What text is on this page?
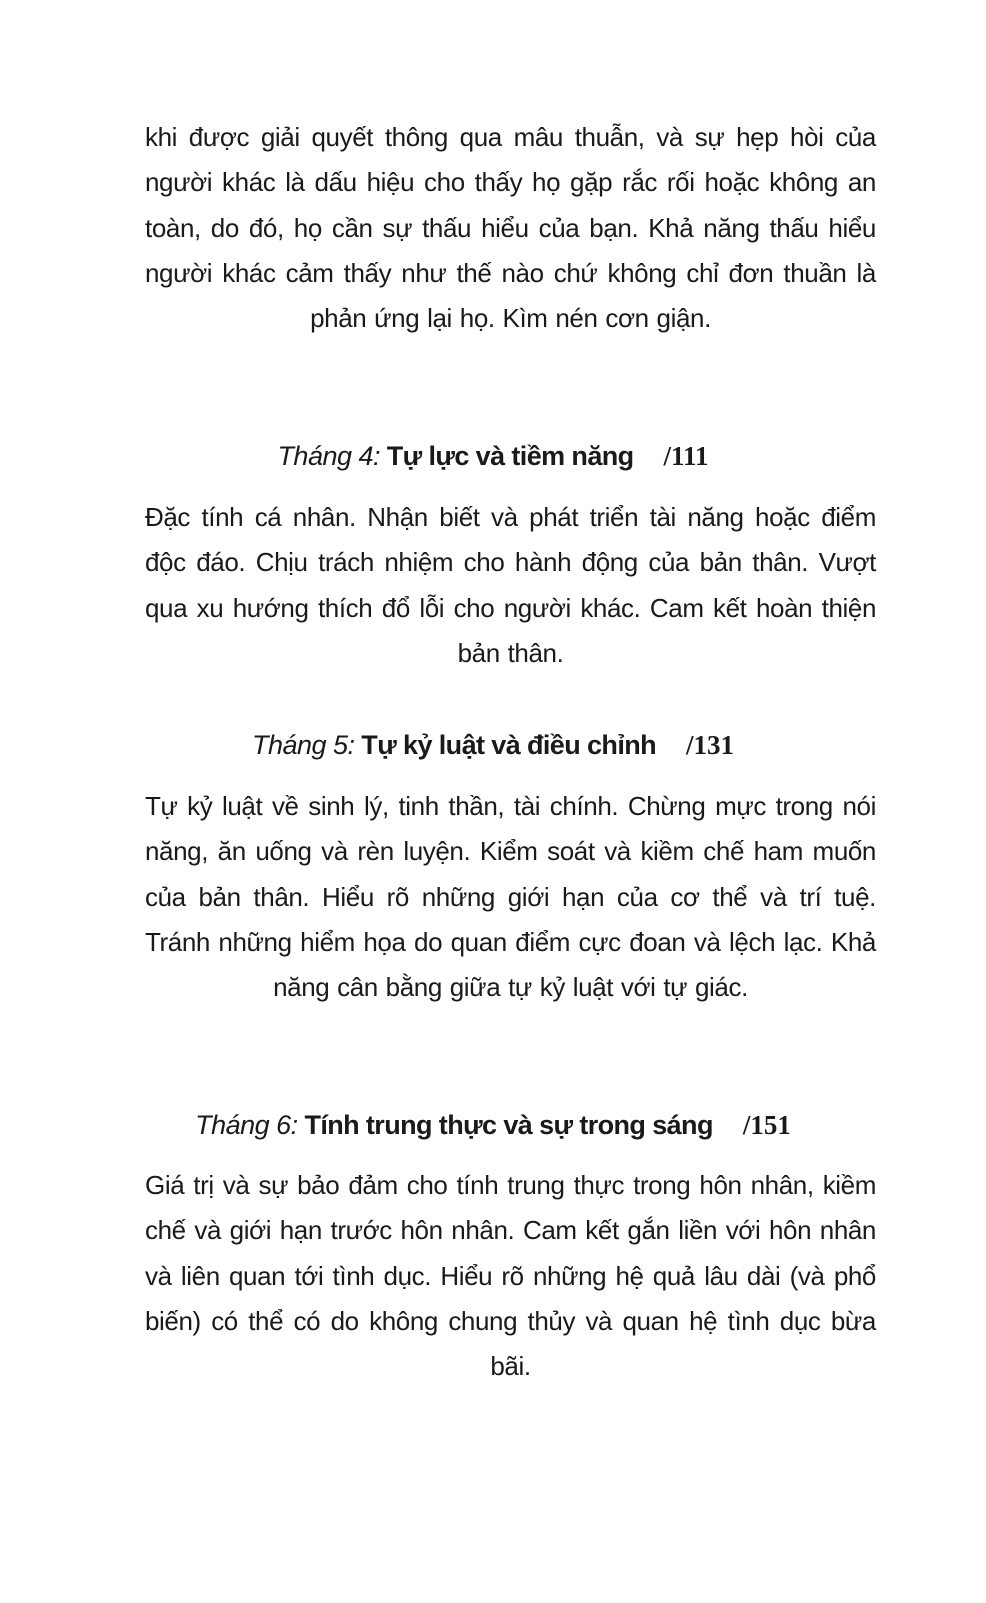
khi được giải quyết thông qua mâu thuẫn, và sự hẹp hòi của người khác là dấu hiệu cho thấy họ gặp rắc rối hoặc không an toàn, do đó, họ cần sự thấu hiểu của bạn. Khả năng thấu hiểu người khác cảm thấy như thế nào chứ không chỉ đơn thuần là phản ứng lại họ. Kìm nén cơn giận.

Tháng 4: Tự lực và tiềm năng /111

Đặc tính cá nhân. Nhận biết và phát triển tài năng hoặc điểm độc đáo. Chịu trách nhiệm cho hành động của bản thân. Vượt qua xu hướng thích đổ lỗi cho người khác. Cam kết hoàn thiện bản thân.

Tháng 5: Tự kỷ luật và điều chỉnh /131

Tự kỷ luật về sinh lý, tinh thần, tài chính. Chừng mực trong nói năng, ăn uống và rèn luyện. Kiểm soát và kiềm chế ham muốn của bản thân. Hiểu rõ những giới hạn của cơ thể và trí tuệ. Tránh những hiểm họa do quan điểm cực đoan và lệch lạc. Khả năng cân bằng giữa tự kỷ luật với tự giác.

Tháng 6: Tính trung thực và sự trong sáng /151

Giá trị và sự bảo đảm cho tính trung thực trong hôn nhân, kiềm chế và giới hạn trước hôn nhân. Cam kết gắn liền với hôn nhân và liên quan tới tình dục. Hiểu rõ những hệ quả lâu dài (và phổ biến) có thể có do không chung thủy và quan hệ tình dục bừa bãi.
